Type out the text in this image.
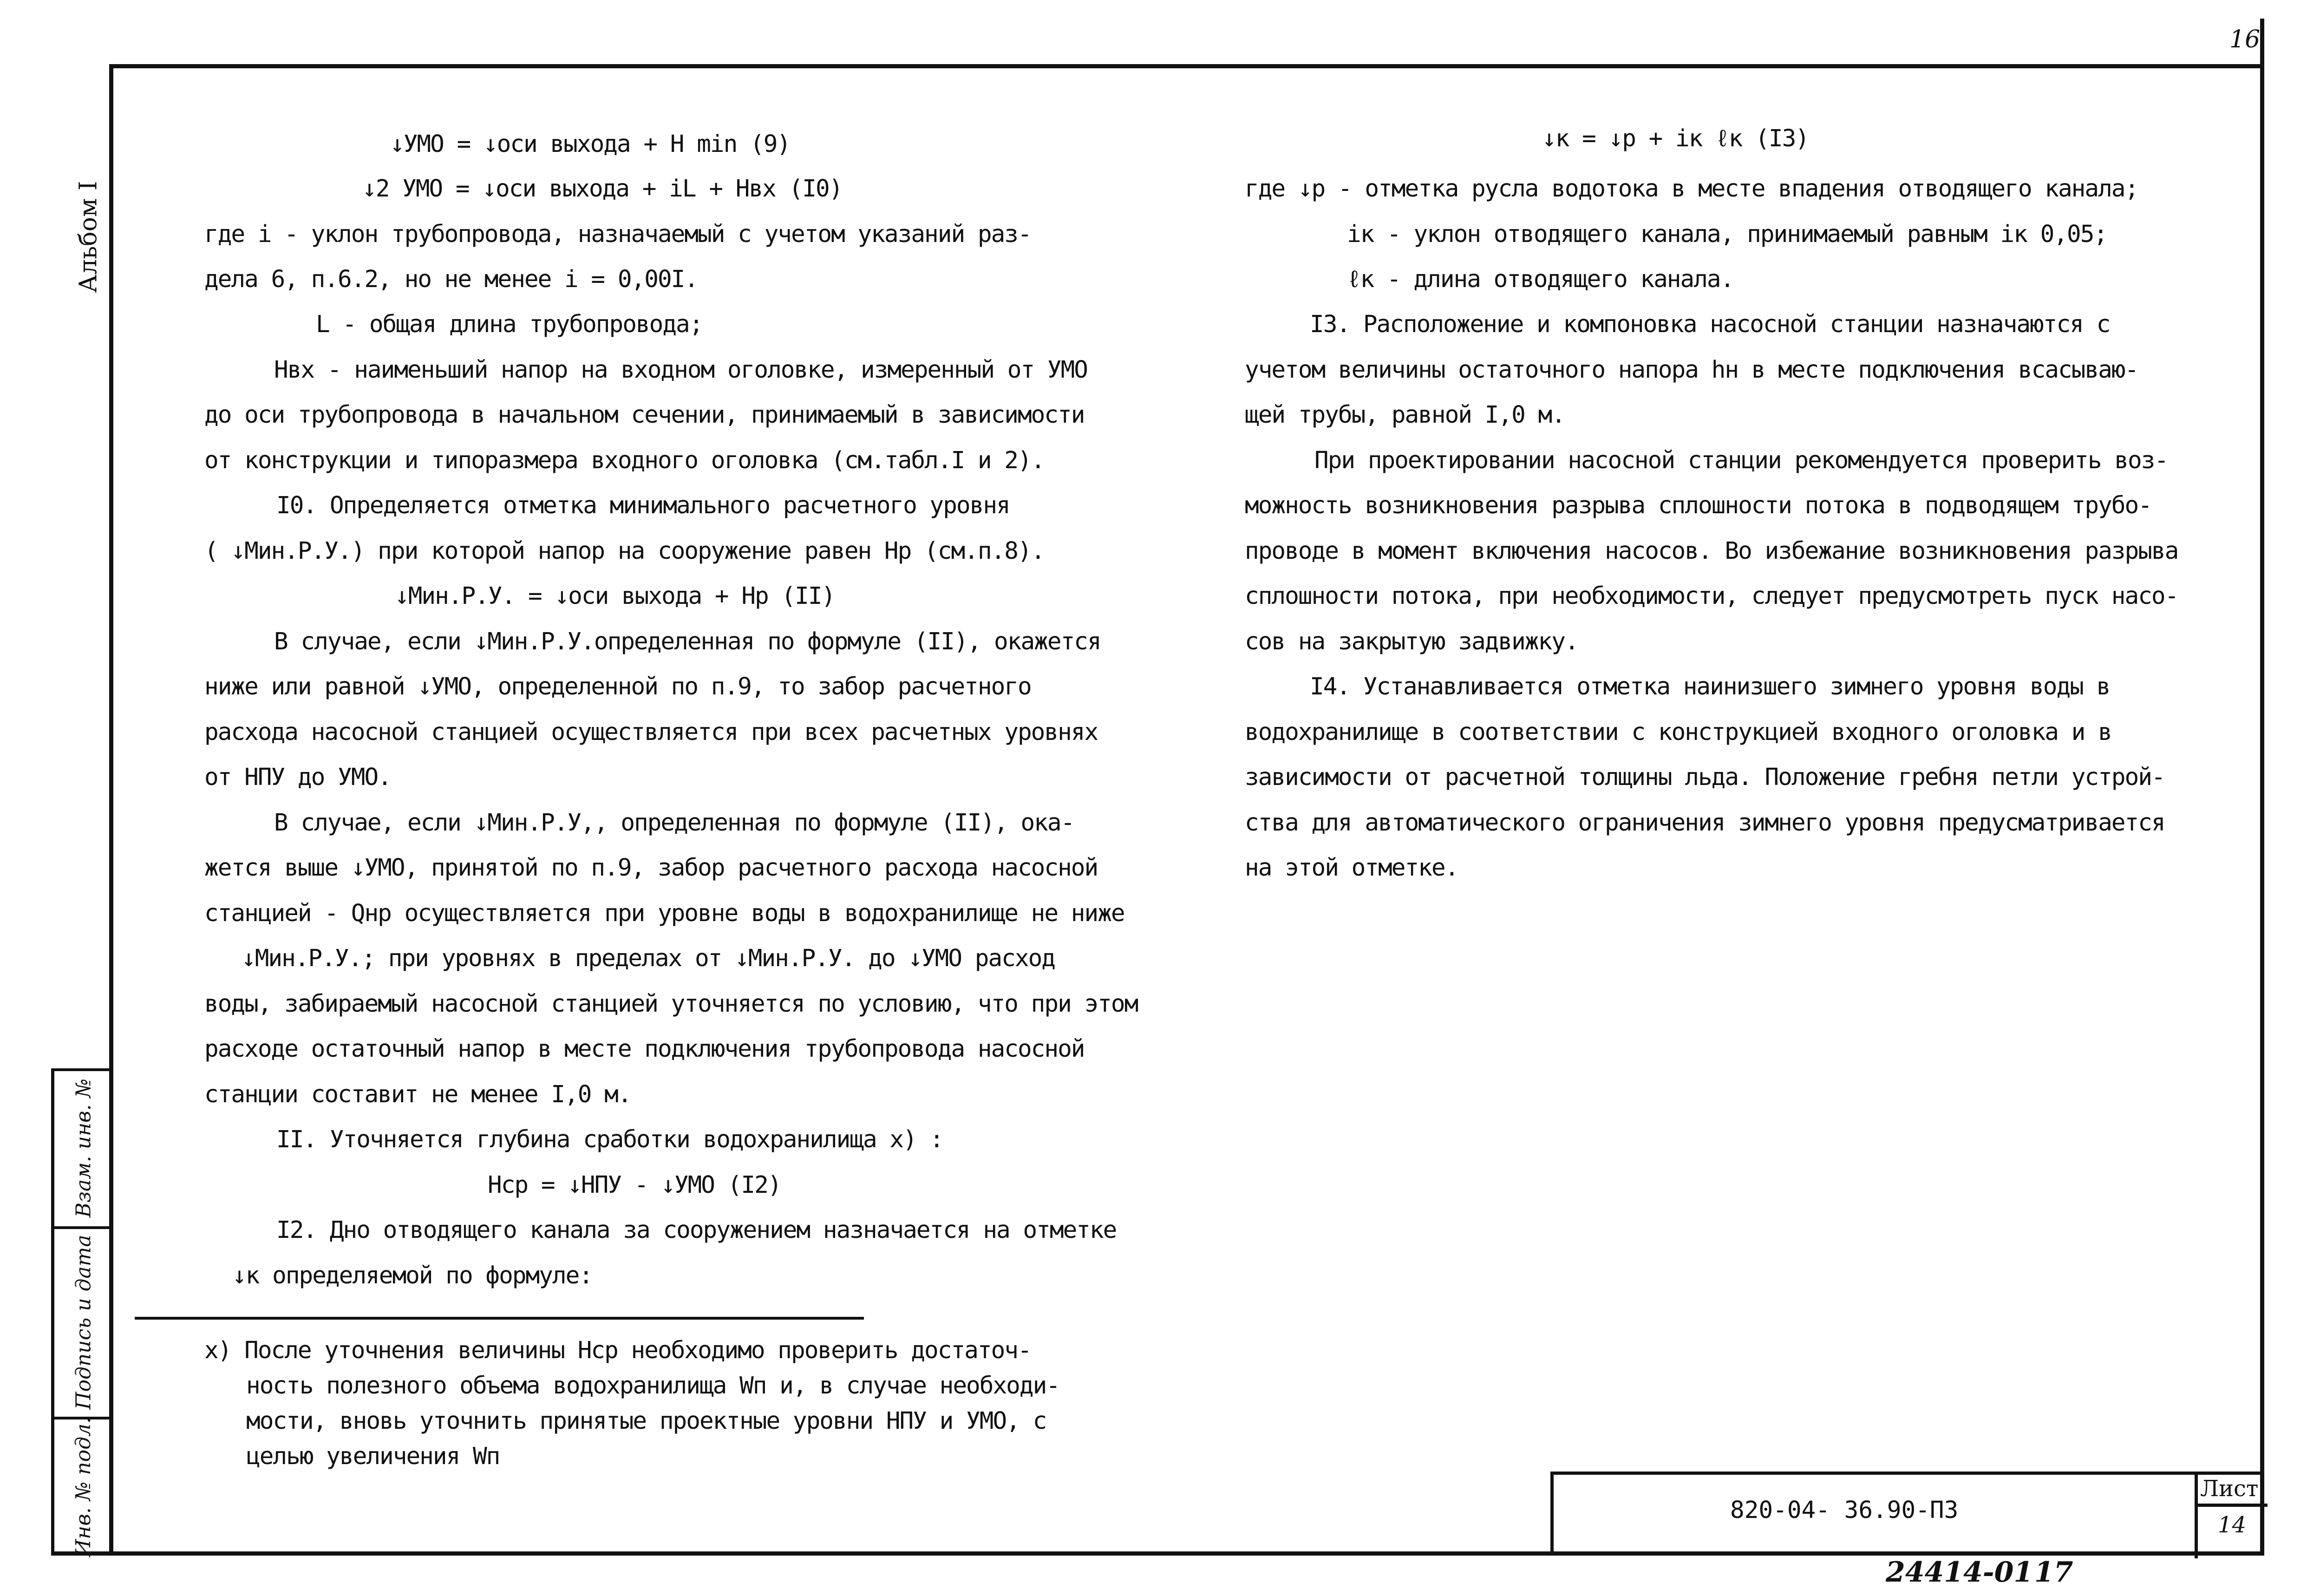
16
Альбом I
Взам. инв. №
Подпись и дата
Инв. № подл.
↓УМО = ↓оси выхода + Н min (9)
↓2 УМО = ↓оси выхода + iL + Нвх (I0)
где i - уклон трубопровода, назначаемый с учетом указаний раз-
дела 6, п.6.2, но не менее i = 0,00I.
L - общая длина трубопровода;
Нвх - наименьший напор на входном оголовке, измеренный от УМО
до оси трубопровода в начальном сечении, принимаемый в зависимости
от конструкции и типоразмера входного оголовка (см.табл.I и 2).
I0. Определяется отметка минимального расчетного уровня
( ↓Мин.Р.У.) при которой напор на сооружение равен Нр (см.п.8).
↓Мин.Р.У. = ↓оси выхода + Нр (II)
В случае, если ↓Мин.Р.У.определенная по формуле (II), окажется
ниже или равной ↓УМО, определенной по п.9, то забор расчетного
расхода насосной станцией осуществляется при всех расчетных уровнях
от НПУ до УМО.
В случае, если ↓Мин.Р.У,, определенная по формуле (II), ока-
жется выше ↓УМО, принятой по п.9, забор расчетного расхода насосной
станцией - Qнр осуществляется при уровне воды в водохранилище не ниже
↓Мин.Р.У.; при уровнях в пределах от ↓Мин.Р.У. до ↓УМО расход
воды, забираемый насосной станцией уточняется по условию, что при этом
расходе остаточный напор в месте подключения трубопровода насосной
станции составит не менее I,0 м.
II. Уточняется глубина сработки водохранилища x) :
Нср = ↓НПУ - ↓УМО (I2)
I2. Дно отводящего канала за сооружением назначается на отметке
↓к определяемой по формуле:
x) После уточнения величины Нср необходимо проверить достаточ-
ность полезного объема водохранилища Wп и, в случае необходи-
мости, вновь уточнить принятые проектные уровни НПУ и УМО, с
целью увеличения Wп
↓к = ↓р + iк ℓк (I3)
где ↓р - отметка русла водотока в месте впадения отводящего канала;
iк - уклон отводящего канала, принимаемый равным iк 0,05;
ℓк - длина отводящего канала.
I3. Расположение и компоновка насосной станции назначаются с
учетом величины остаточного напора hн в месте подключения всасываю-
щей трубы, равной I,0 м.
При проектировании насосной станции рекомендуется проверить воз-
можность возникновения разрыва сплошности потока в подводящем трубо-
проводе в момент включения насосов. Во избежание возникновения разрыва
сплошности потока, при необходимости, следует предусмотреть пуск насо-
сов на закрытую задвижку.
I4. Устанавливается отметка наинизшего зимнего уровня воды в
водохранилище в соответствии с конструкцией входного оголовка и в
зависимости от расчетной толщины льда. Положение гребня петли устрой-
ства для автоматического ограничения зимнего уровня предусматривается
на этой отметке.
820-04- 36.90-ПЗ
Лист
14
24414-01 17
